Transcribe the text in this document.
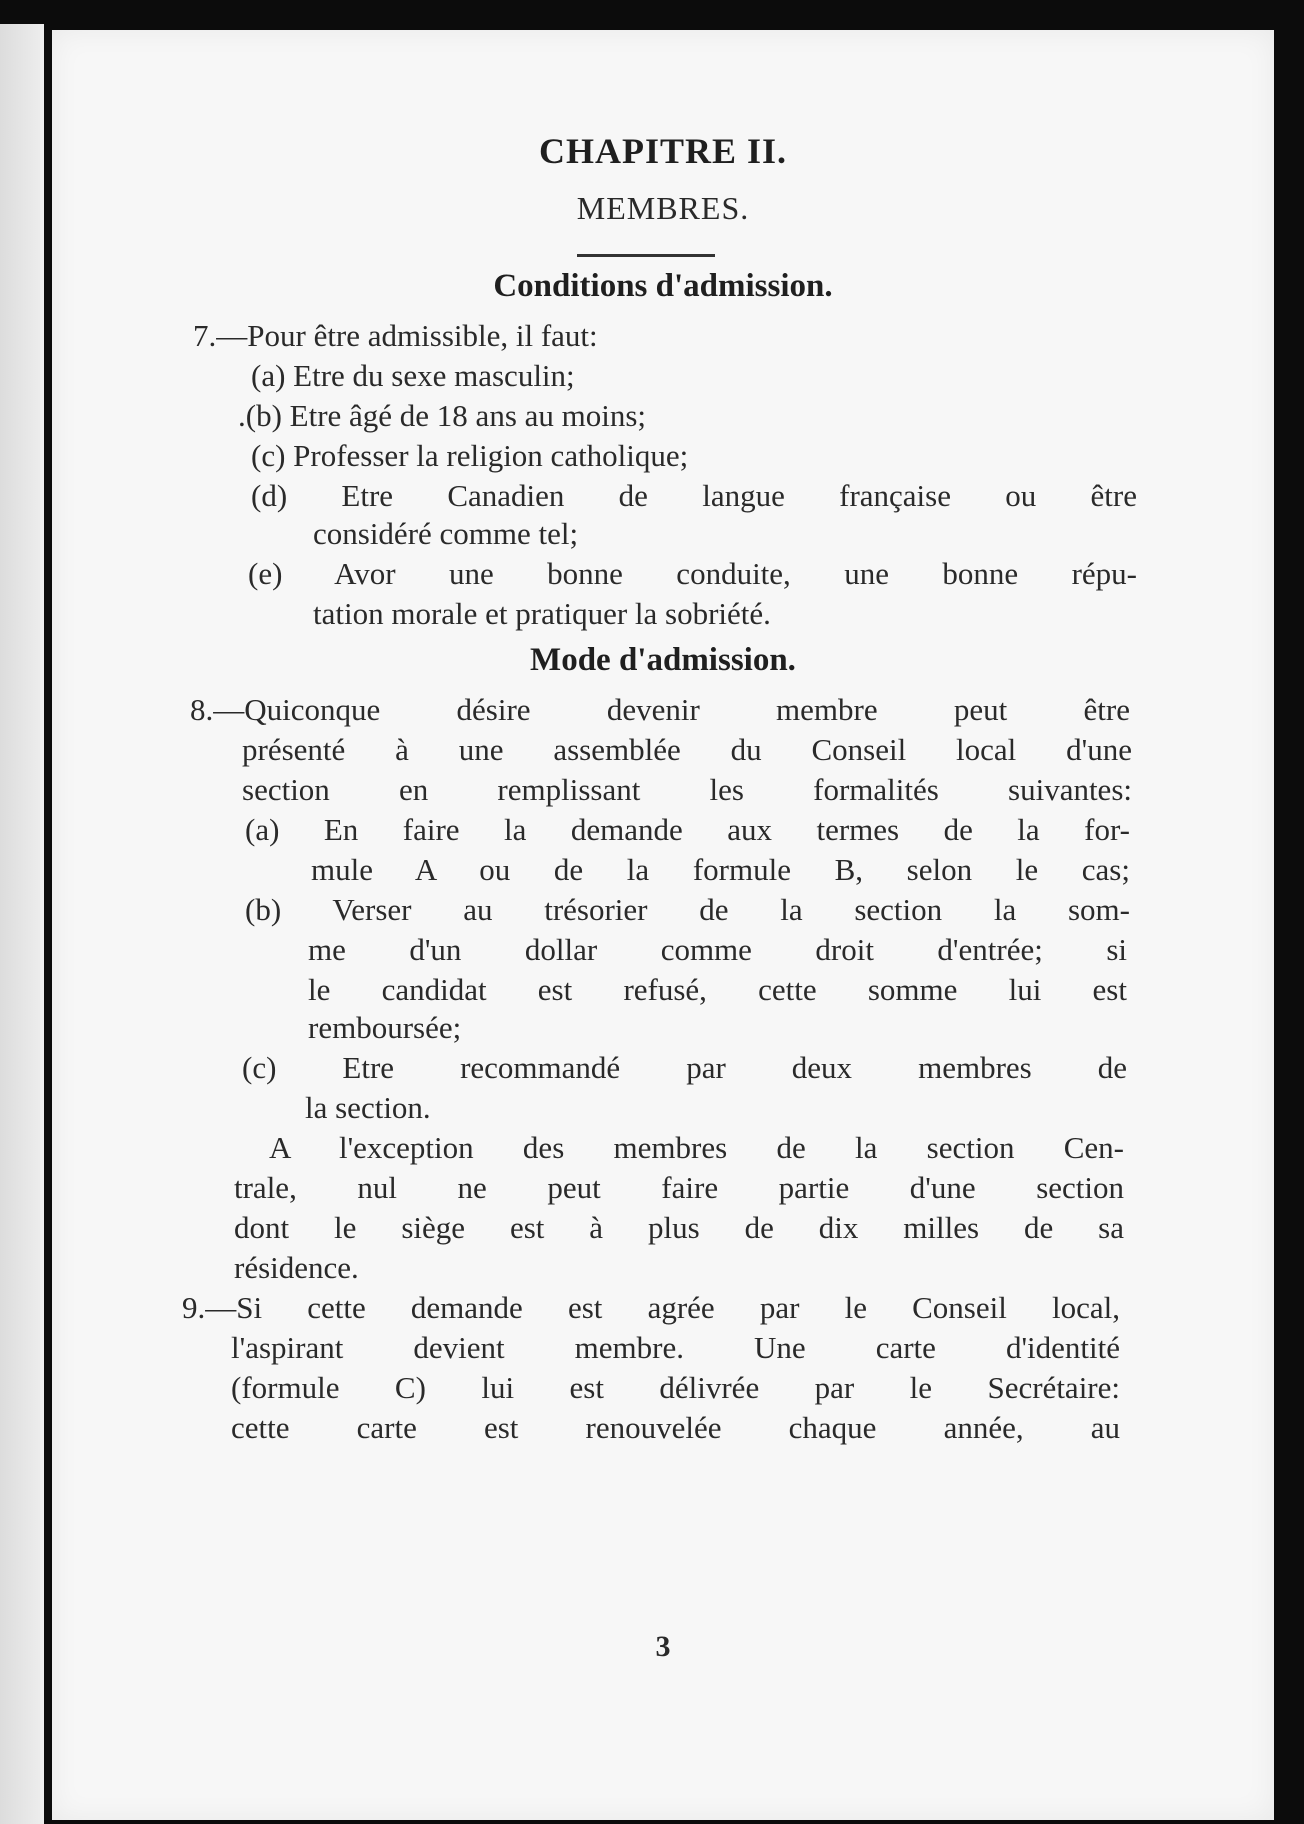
CHAPITRE II.
MEMBRES.
Conditions d'admission.
7.—Pour être admissible, il faut:
(a) Etre du sexe masculin;
.(b) Etre âgé de 18 ans au moins;
(c) Professer la religion catholique;
(d) Etre Canadien de langue française ou être
considéré comme tel;
(e) Avor une bonne conduite, une bonne répu-
tation morale et pratiquer la sobriété.
Mode d'admission.
8.—Quiconque désire devenir membre peut être
présenté à une assemblée du Conseil local d'une
section en remplissant les formalités suivantes:
(a) En faire la demande aux termes de la for-
mule A ou de la formule B, selon le cas;
(b) Verser au trésorier de la section la som-
me d'un dollar comme droit d'entrée; si
le candidat est refusé, cette somme lui est
remboursée;
(c) Etre recommandé par deux membres de
la section.
A l'exception des membres de la section Cen-
trale, nul ne peut faire partie d'une section
dont le siège est à plus de dix milles de sa
résidence.
9.—Si cette demande est agrée par le Conseil local,
l'aspirant devient membre. Une carte d'identité
(formule C) lui est délivrée par le Secrétaire:
cette carte est renouvelée chaque année, au
3
